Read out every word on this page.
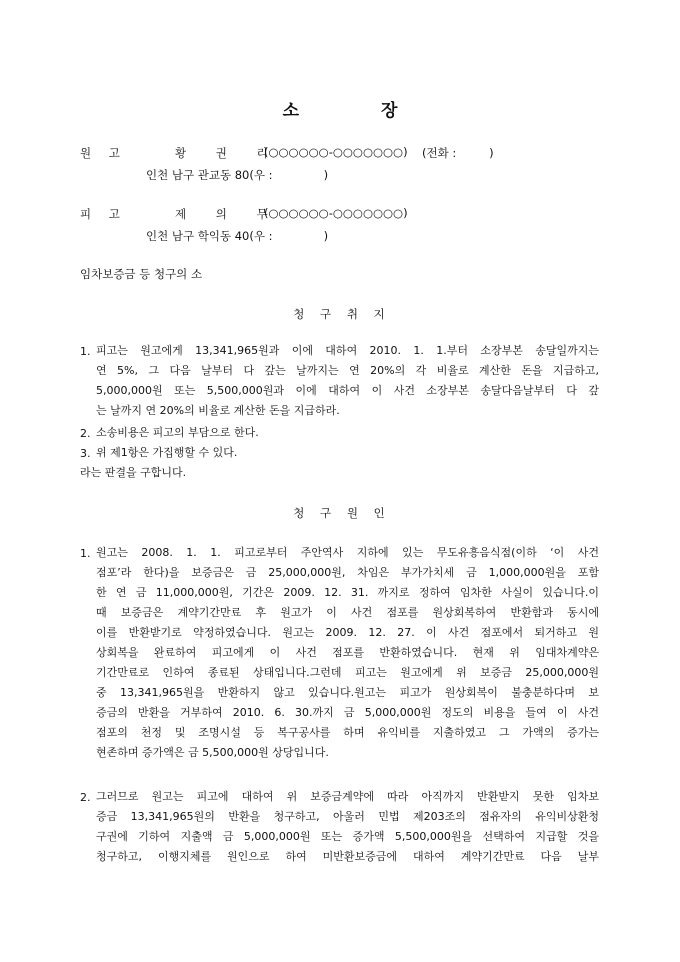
소	장
원 고	황 권 리
(○○○○○○-○○○○○○○) (전화 :         )
인천 남구 관교동 80(우 :              )
피 고	제 의 무
(○○○○○○-○○○○○○○)
인천 남구 학익동 40(우 :              )
임차보증금 등 청구의 소
청 구 취 지
1. 피고는 원고에게 13,341,965원과 이에 대하여 2010. 1. 1.부터 소장부본 송달일까지는
연 5%, 그 다음 날부터 다 갚는 날까지는 연 20%의 각 비율로 계산한 돈을 지급하고,
5,000,000원 또는 5,500,000원과 이에 대하여 이 사건 소장부본 송달다음날부터 다 갚
는 날까지 연 20%의 비율로 계산한 돈을 지급하라.
2. 소송비용은 피고의 부담으로 한다.
3. 위 제1항은 가집행할 수 있다.
라는 판결을 구합니다.
청 구 원 인
1. 원고는 2008. 1. 1. 피고로부터 주안역사 지하에 있는 무도유흥음식점(이하 ‘이 사건
점포’라 한다)을 보증금은 금 25,000,000원, 차임은 부가가치세 금 1,000,000원을 포함
한 연 금 11,000,000원, 기간은 2009. 12. 31. 까지로 정하여 임차한 사실이 있습니다.이
때 보증금은 계약기간만료 후 원고가 이 사건 점포를 원상회복하여 반환함과 동시에
이를 반환받기로 약정하였습니다. 원고는 2009. 12. 27. 이 사건 점포에서 퇴거하고 원
상회복을 완료하여 피고에게 이 사건 점포를 반환하였습니다. 현재 위 임대차계약은
기간만료로 인하여 종료된 상태입니다.그런데 피고는 원고에게 위 보증금 25,000,000원
중 13,341,965원을 반환하지 않고 있습니다.원고는 피고가 원상회복이 불충분하다며 보
증금의 반환을 거부하여 2010. 6. 30.까지 금 5,000,000원 정도의 비용을 들여 이 사건
점포의 천정 및 조명시설 등 복구공사를 하며 유익비를 지출하였고 그 가액의 증가는
현존하며 증가액은 금 5,500,000원 상당입니다.
2. 그러므로 원고는 피고에 대하여 위 보증금계약에 따라 아직까지 반환받지 못한 임차보
증금 13,341,965원의 반환을 청구하고, 아울러 민법 제203조의 점유자의 유익비상환청
구권에 기하여 지출액 금 5,000,000원 또는 증가액 5,500,000원을 선택하여 지급할 것을
청구하고, 이행지체를 원인으로 하여 미반환보증금에 대하여 계약기간만료 다음 날부
